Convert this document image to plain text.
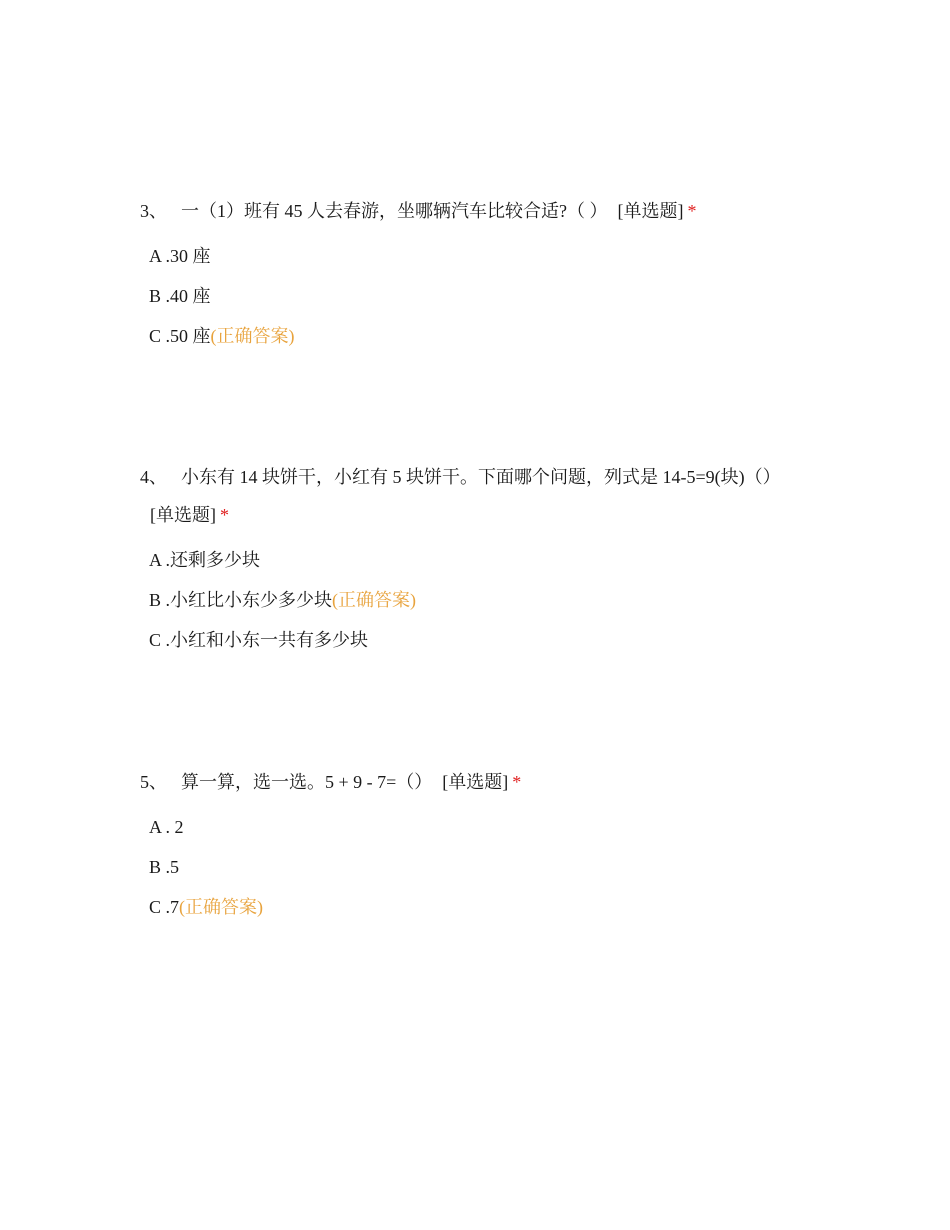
3、 一（1）班有 45 人去春游，坐哪辆汽车比较合适?（ ） [单选题] *

A .30 座
B .40 座
C .50 座(正确答案)

4、 小东有 14 块饼干，小红有 5 块饼干。下面哪个问题，列式是 14-5=9(块)（）[单选题] *

A .还剩多少块
B .小红比小东少多少块(正确答案)
C .小红和小东一共有多少块

5、 算一算，选一选。5 + 9 - 7=（） [单选题] *

A . 2
B .5
C .7(正确答案)
